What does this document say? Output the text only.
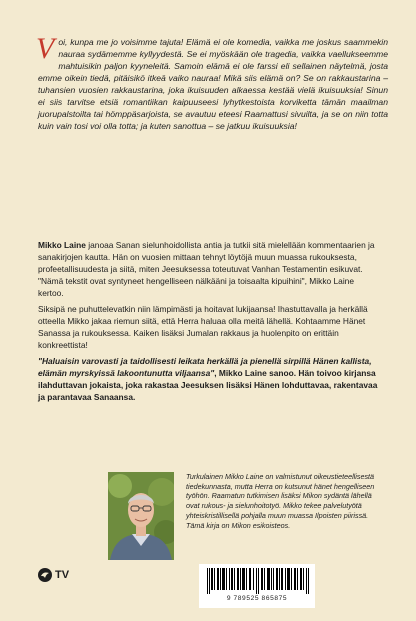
Voi, kunpa me jo voisimme tajuta! Elämä ei ole komedia, vaikka me joskus saammekin nauraa sydämemme kyllyydestä. Se ei myöskään ole tragedia, vaikka vaellukseemme mahtuisikin paljon kyyneleitä. Samoin elämä ei ole farssi eli sellainen näytelmä, josta emme oikein tiedä, pitäisikö itkeä vaiko nauraa! Mikä siis elämä on? Se on rakkaustarina – tuhansien vuosien rakkaustarina, joka ikuisuuden alkaessa kestää vielä ikuisuuksia! Sinun ei siis tarvitse etsiä romantiikan kaipuuseesi lyhytkestoista korviketta tämän maailman juorupalstoilta tai hömppäsarjoista, se avautuu eteesi Raamattusi sivuilta, ja se on niin totta kuin vain tosi voi olla totta; ja kuten sanottua – se jatkuu ikuisuuksia!

Mikko Laine janoaa Sanan sielunhoidollista antia ja tutkii sitä mielellään kommentaarien ja sanakirjojen kautta. Hän on vuosien mittaan tehnyt löytöjä muun muassa rukouksesta, profeetallisuudesta ja siitä, miten Jeesuksessa toteutuvat Vanhan Testamentin esikuvat. "Nämä tekstit ovat syntyneet hengelliseen nälkääni ja toisaalta kipuihini", Mikko Laine kertoo.

Siksipä ne puhuttelevatkin niin lämpimästi ja hoitavat lukijaansa! Ihastuttavalla ja herkällä otteella Mikko jakaa riemun siitä, että Herra haluaa olla meitä lähellä. Kohtaamme Hänet Sanassa ja rukouksessa. Kaiken lisäksi Jumalan rakkaus ja huolenpito on erittäin konkreettista!

"Haluaisin varovasti ja taidollisesti leikata herkällä ja pienellä sirpillä Hänen kallista, elämän myrskyissä lakoontunutta viljaansa", Mikko Laine sanoo. Hän toivoo kirjansa ilahduttavan jokaista, joka rakastaa Jeesuksen lisäksi Hänen lohduttavaa, rakentavaa ja parantavaa Sanaansa.

Turkulainen Mikko Laine on valmistunut oikeustieteellisestä tiedekunnasta, mutta Herra on kutsunut hänet hengelliseen työhön. Raamatun tutkimisen lisäksi Mikon sydäntä lähellä ovat rukous- ja sielunhoitotyö. Mikko tekee palvelutyötä yhteiskristillisellä pohjalla muun muassa Ilpoisten piirissä. Tämä kirja on Mikon esikoisteos.

TV
9 789525 865875
